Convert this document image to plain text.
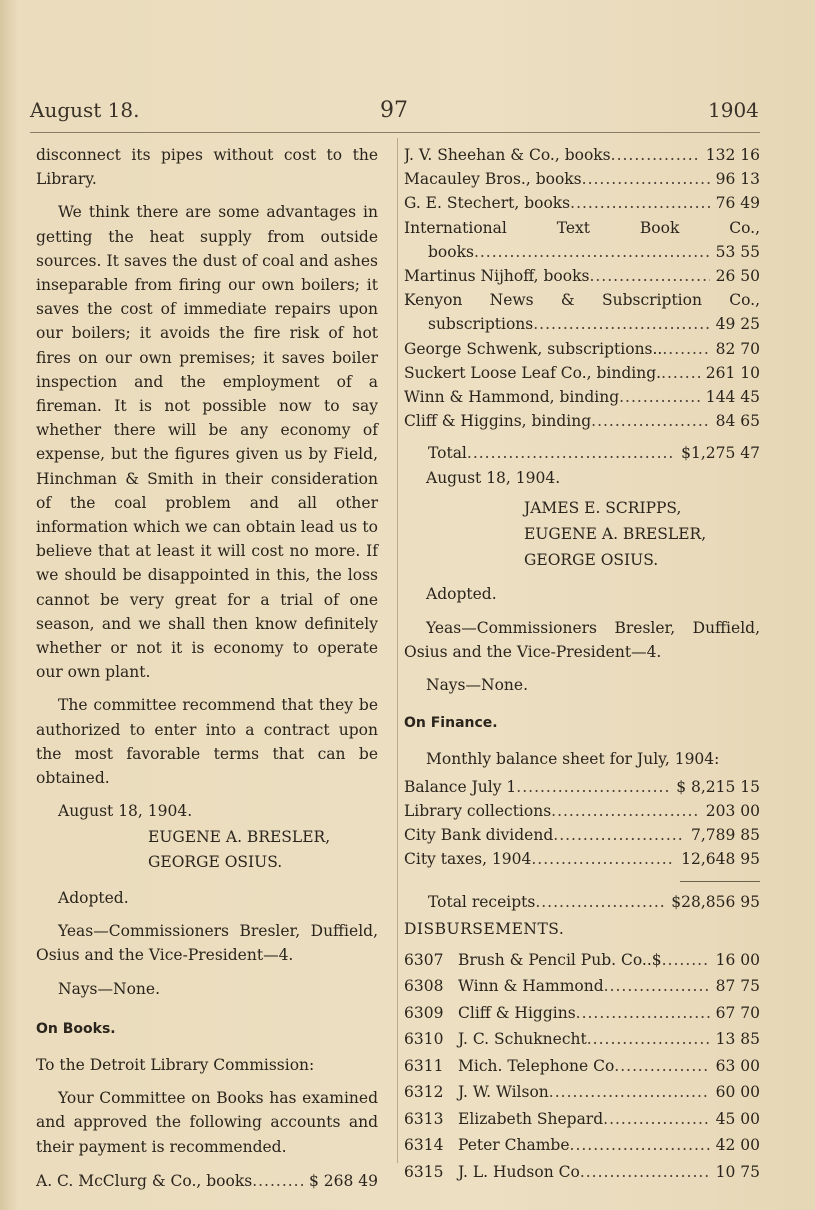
August 18.	97	1904

disconnect its pipes without cost to the Library.

We think there are some advantages in getting the heat supply from outside sources. It saves the dust of coal and ashes inseparable from firing our own boilers; it saves the cost of immediate repairs upon our boilers; it avoids the fire risk of hot fires on our own premises; it saves boiler inspection and the employment of a fireman. It is not possible now to say whether there will be any economy of expense, but the figures given us by Field, Hinchman & Smith in their consideration of the coal problem and all other information which we can obtain lead us to believe that at least it will cost no more. If we should be disappointed in this, the loss cannot be very great for a trial of one season, and we shall then know definitely whether or not it is economy to operate our own plant.

The committee recommend that they be authorized to enter into a contract upon the most favorable terms that can be obtained.

August 18, 1904.

EUGENE A. BRESLER,

GEORGE OSIUS.

Adopted.

Yeas—Commissioners Bresler, Duffield, Osius and the Vice-President—4.

Nays—None.

On Books.

To the Detroit Library Commission:

Your Committee on Books has examined and approved the following accounts and their payment is recommended.

A. C. McClurg & Co., books .....	$ 268 49
J. V. Sheehan & Co., books .....	132 16
Macauley Bros., books .....	96 13
G. E. Stechert, books .....	76 49
International Text Book Co.,
books .....	53 55
Martinus Nijhoff, books .....	26 50
Kenyon News & Subscription Co.,
subscriptions .....	49 25
George Schwenk, subscriptions.. .....	82 70
Suckert Loose Leaf Co., binding. .....	261 10
Winn & Hammond, binding .....	144 45
Cliff & Higgins, binding .....	84 65
Total .....	$1,275 47

August 18, 1904.

JAMES E. SCRIPPS,

EUGENE A. BRESLER,

GEORGE OSIUS.

Adopted.

Yeas—Commissioners Bresler, Duffield, Osius and the Vice-President—4.

Nays—None.

On Finance.

Monthly balance sheet for July, 1904:

Balance July 1 .....	$ 8,215 15
Library collections .....	203 00
City Bank dividend .....	7,789 85
City taxes, 1904 .....	12,648 95
Total receipts .....	$28,856 95

DISBURSEMENTS.

6307 Brush & Pencil Pub. Co..$ .....	16 00
6308 Winn & Hammond .....	87 75
6309 Cliff & Higgins .....	67 70
6310 J. C. Schuknecht .....	13 85
6311 Mich. Telephone Co .....	63 00
6312 J. W. Wilson .....	60 00
6313 Elizabeth Shepard .....	45 00
6314 Peter Chambe .....	42 00
6315 J. L. Hudson Co .....	10 75
